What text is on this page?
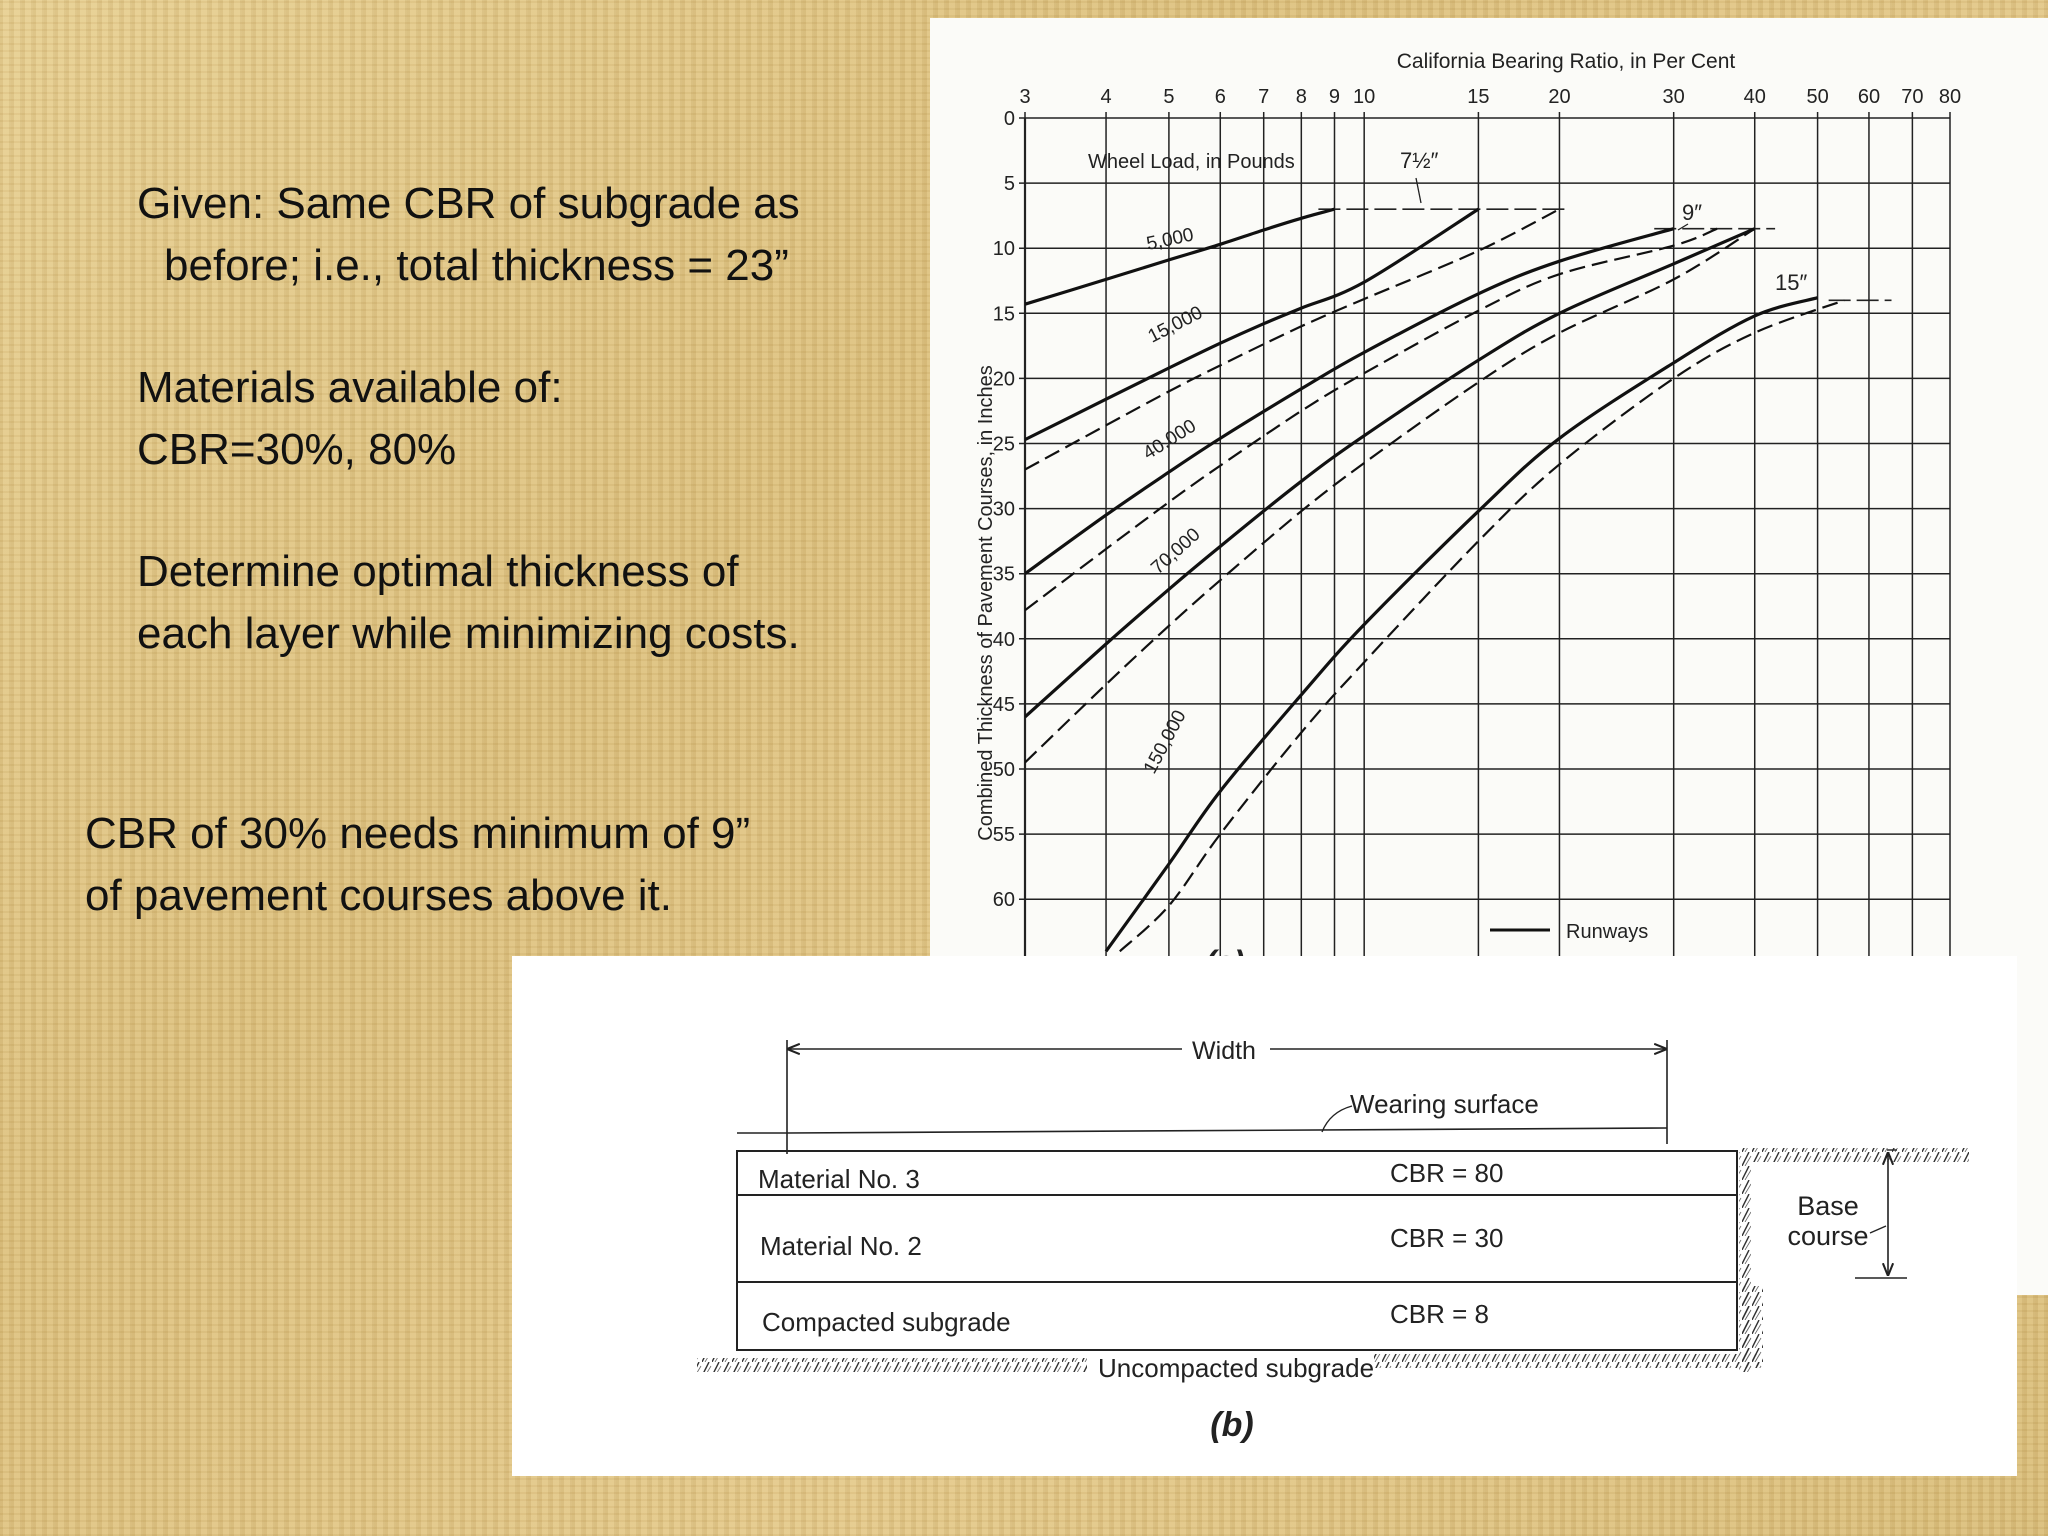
Given: Same CBR of subgrade as

before; i.e., total thickness = 23”

Materials available of:

CBR=30%, 80%

Determine optimal thickness of

each layer while minimizing costs.

CBR of 30% needs minimum of 9”

of pavement courses above it.

3	4	5 6 7 8 9 10	15	20	30	40 50 60 70 80
0
5
10
15
20
25
30
35
40
45
50
55
60
California Bearing Ratio, in Per Cent
Combined Thickness of Pavement Courses, in Inches
Wheel Load, in Pounds	7½″
9″
15″
5,000
15,000
40,000
70,000
150,000
Runways
Width
Wearing surface
Material No. 3	CBR = 80
Material No. 2	CBR = 30
Compacted subgrade	CBR = 8
Uncompacted subgrade
Base
course
(b)
